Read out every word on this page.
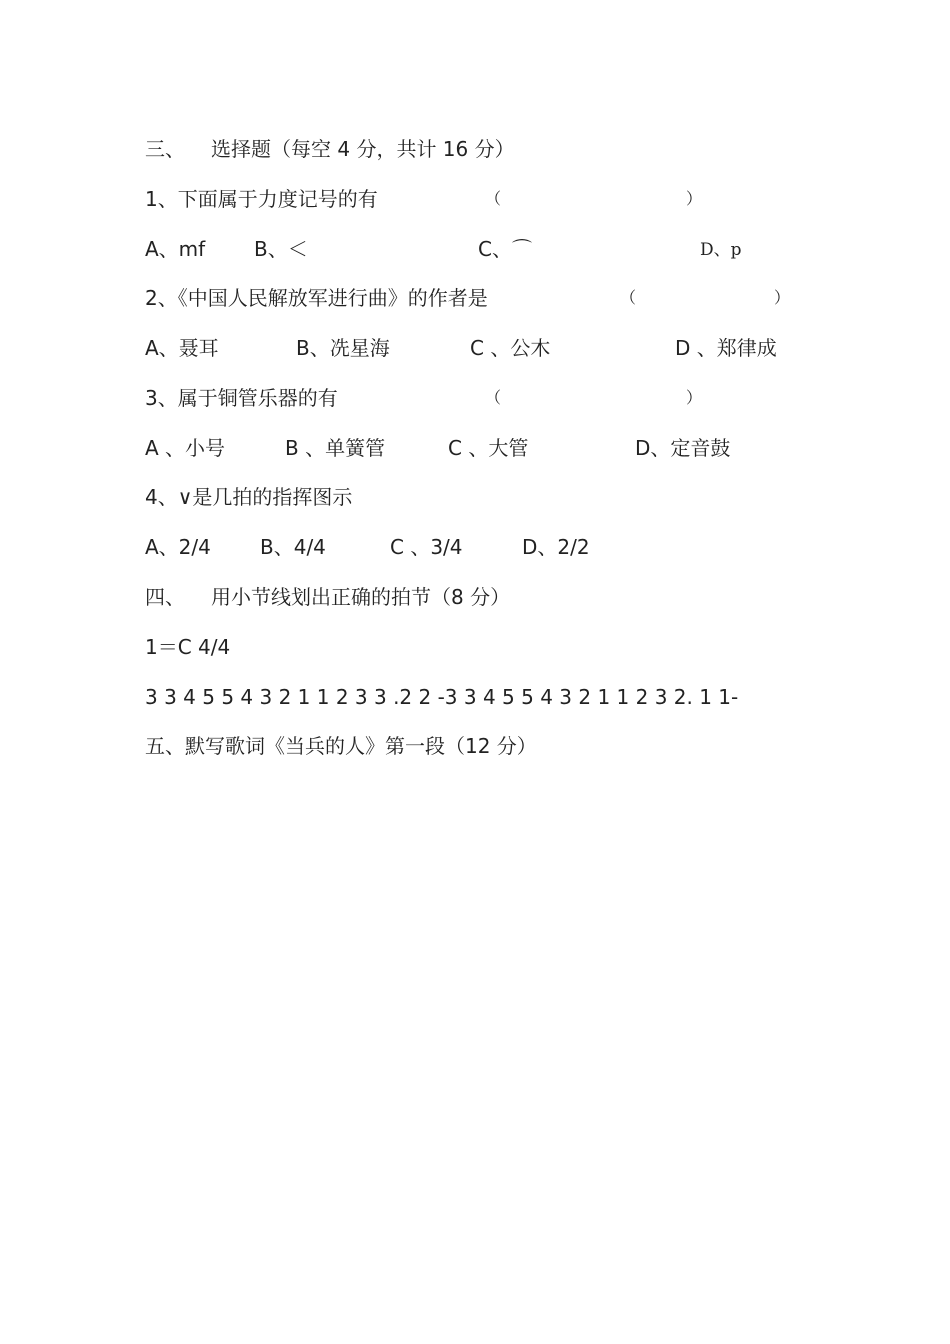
三、 选择题（每空 4 分，共计 16 分）
1、下面属于力度记号的有	（	）
A、mf B、＜	C、⌒	D、p
2、《中国人民解放军进行曲》的作者是	（	）
A、聂耳	B、冼星海	C 、公木	D 、郑律成
3、属于铜管乐器的有	（	）
A 、小号	B 、单簧管	C 、大管	D、定音鼓
4、∨是几拍的指挥图示
A、2/4 B、4/4	C 、3/4	D、2/2
四、 用小节线划出正确的拍节（8 分）
1＝C 4/4
3 3 4 5 5 4 3 2 1 1 2 3 3 .2 2 -3 3 4 5 5 4 3 2 1 1 2 3 2. 1 1-
五、默写歌词《当兵的人》第一段（12 分）
